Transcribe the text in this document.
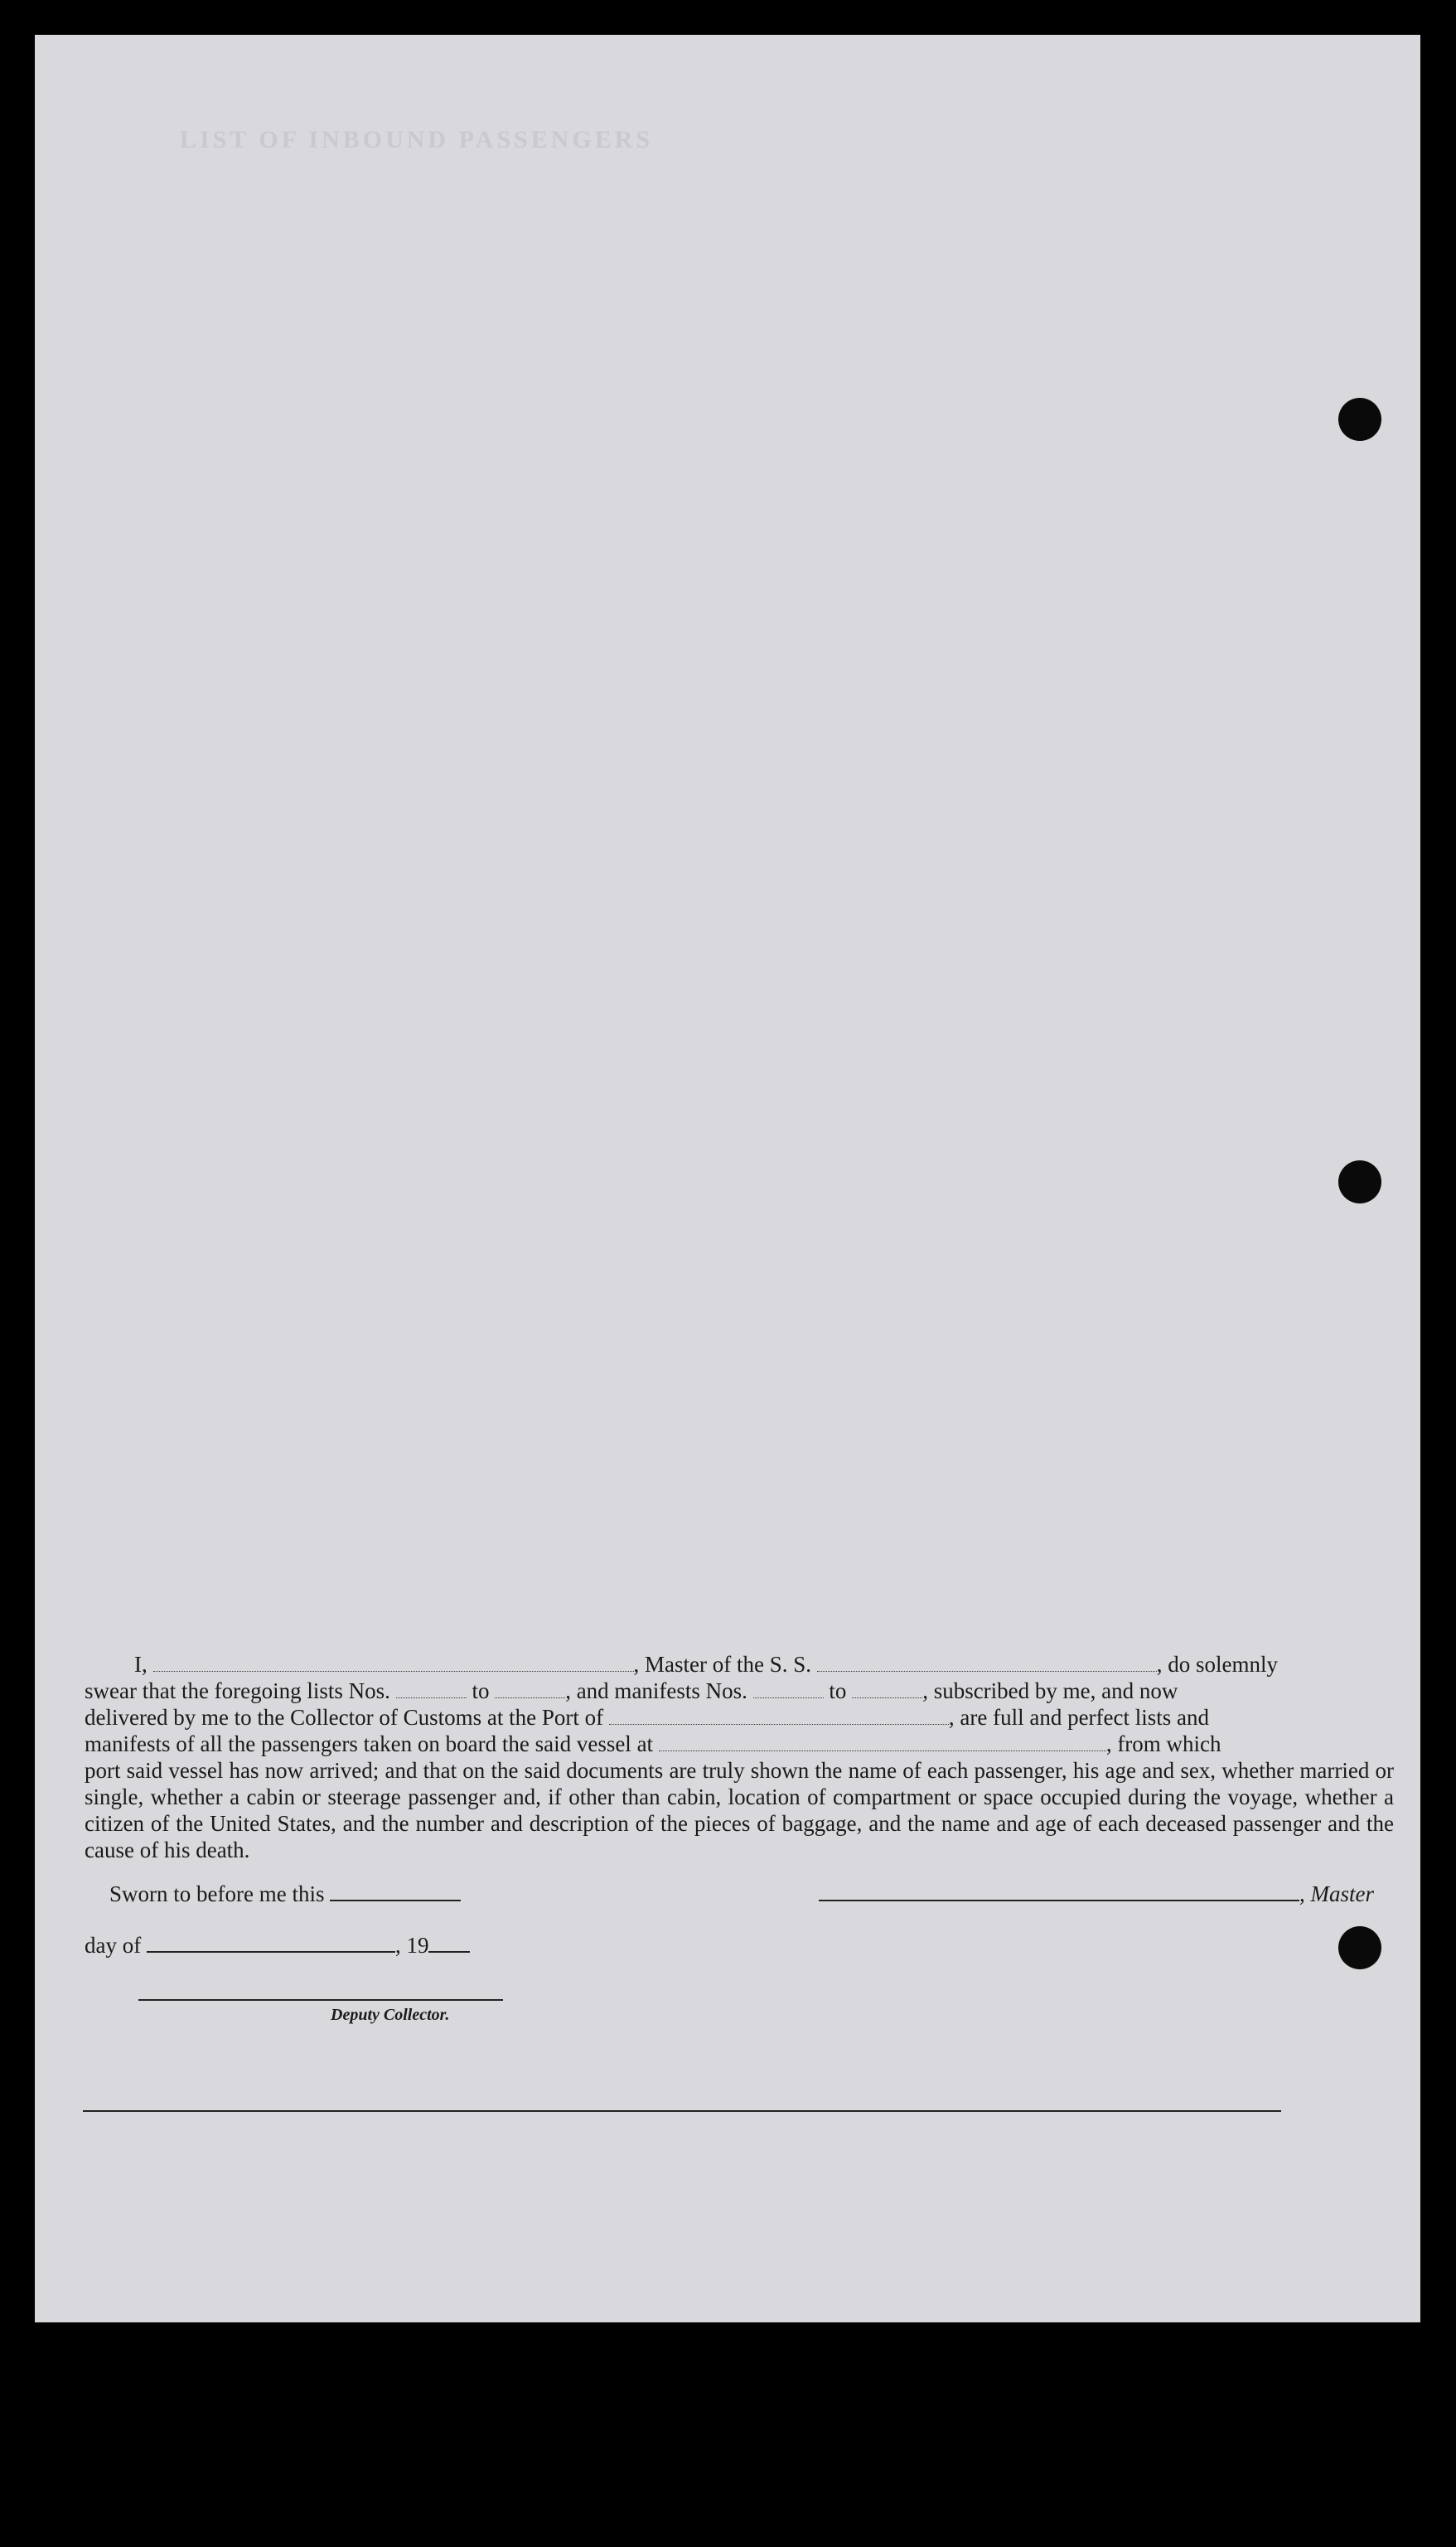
LIST OF INBOUND PASSENGERS
I,	, Master of the S. S.	, do solemnly
swear that the foregoing lists Nos.	to	, and manifests Nos.	to	, subscribed by me, and now
delivered by me to the Collector of Customs at the Port of	, are full and perfect lists and
manifests of all the passengers taken on board the said vessel at	, from which
port said vessel has now arrived; and that on the said documents are truly shown the name of each passenger, his age and sex, whether married or single, whether a cabin or steerage passenger and, if other than cabin, location of compartment or space occupied during the voyage, whether a citizen of the United States, and the number and description of the pieces of baggage, and the name and age of each deceased passenger and the cause of his death.
Sworn to before me this	, Master
day of	, 19
Deputy Collector.
